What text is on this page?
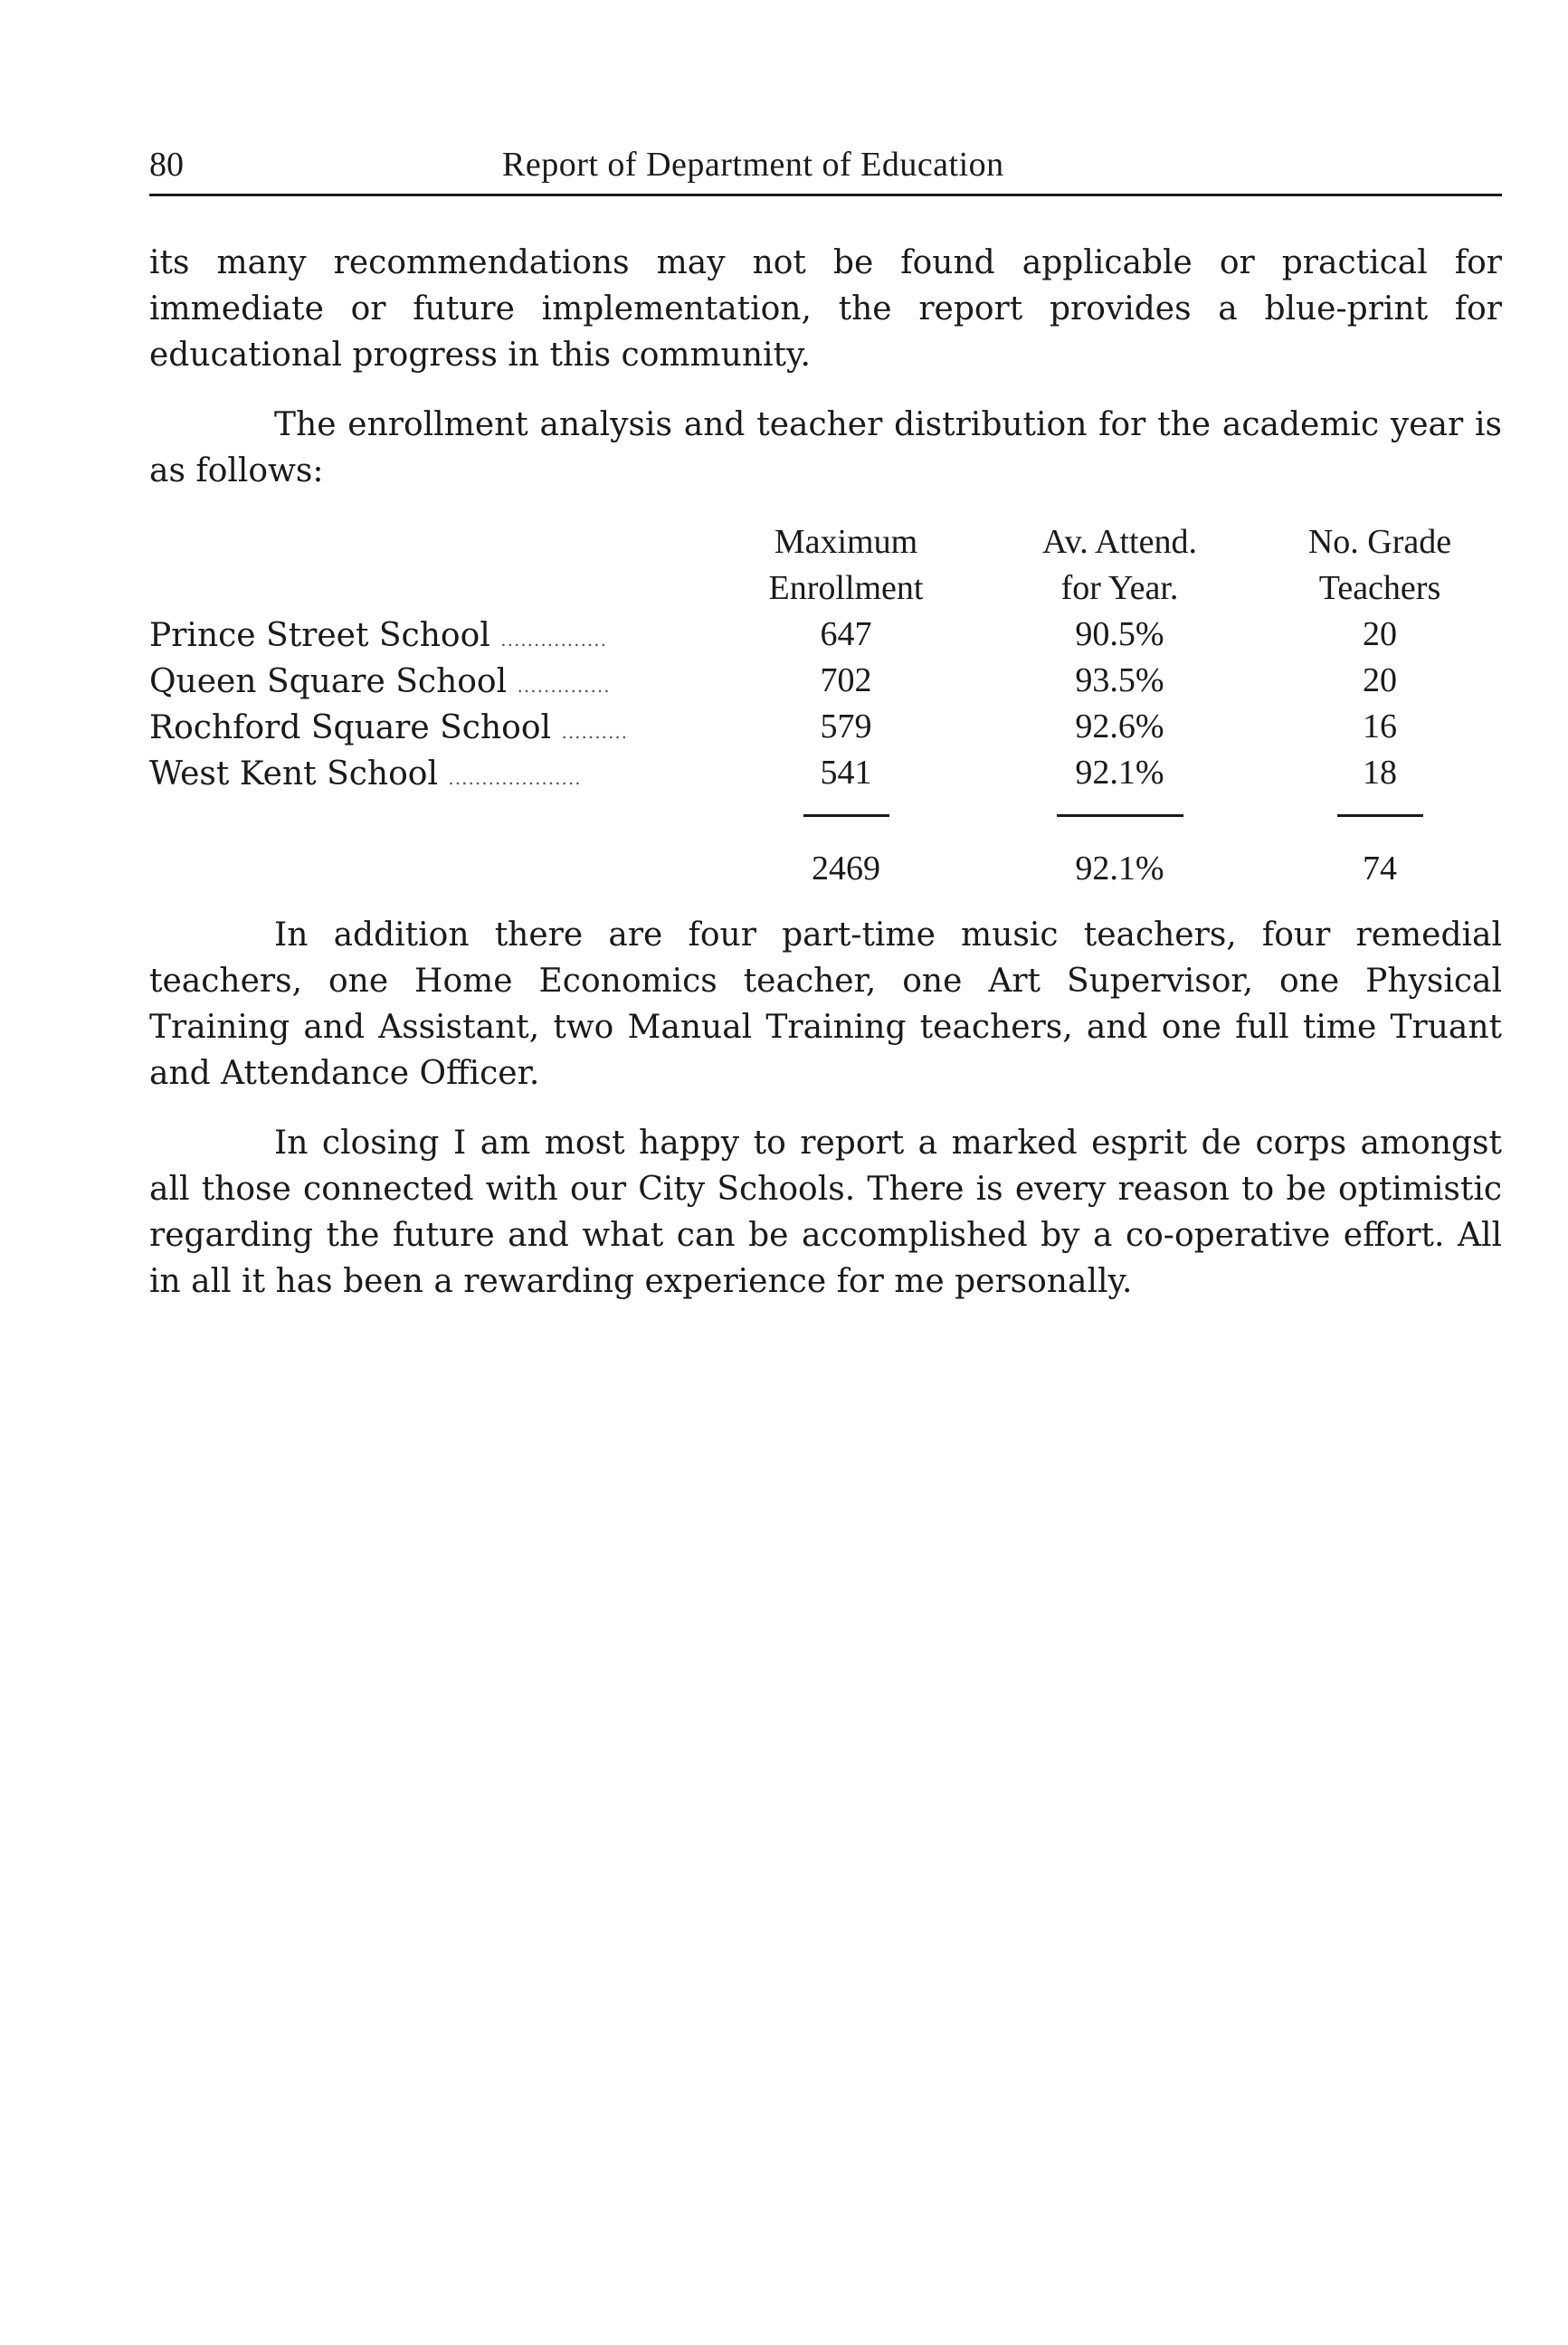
80	Report of Department of Education

its many recommendations may not be found applicable or practical for immediate or future implementation, the report provides a blue-print for educational progress in this community.

The enrollment analysis and teacher distribution for the academic year is as follows:

	Maximum	Av. Attend.	No. Grade
	Enrollment	for Year.	Teachers
Prince Street School ................	647	90.5%	20
Queen Square School ..............	702	93.5%	20
Rochford Square School ..........	579	92.6%	16
West Kent School ....................	541	92.1%	18

	2469	92.1%	74

In addition there are four part-time music teachers, four remedial teachers, one Home Economics teacher, one Art Supervisor, one Physical Training and Assistant, two Manual Training teachers, and one full time Truant and Attendance Officer.

In closing I am most happy to report a marked esprit de corps amongst all those connected with our City Schools. There is every reason to be optimistic regarding the future and what can be accomplished by a co-operative effort. All in all it has been a rewarding experience for me personally.
